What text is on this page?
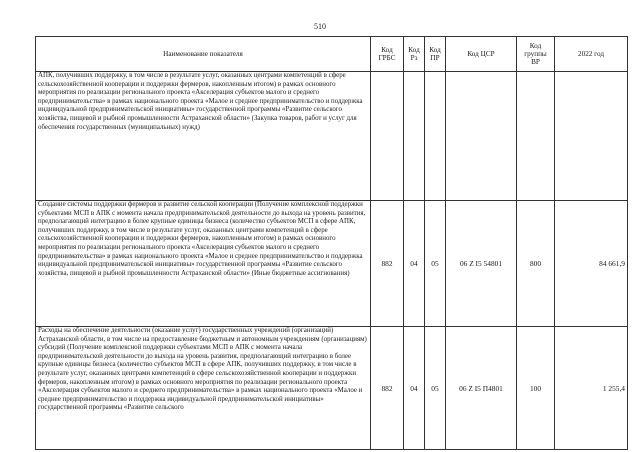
510
Наименование показателя	Код ГРБС	Код Рз	Код ПР	Код ЦСР	Код группы ВР	2022 год
АПК, получивших поддержку, в том числе в результате услуг, оказанных центрами компетенций в сфере сельскохозяйственной кооперации и поддержки фермеров, накопленным итогом) в рамках основного мероприятия по реализации регионального проекта «Акселерация субъектов малого и среднего предпринимательства» в рамках национального проекта «Малое и среднее предпринимательство и поддержка индивидуальной предпринимательской инициативы» государственной программы «Развитие сельского хозяйства, пищевой и рыбной промышленности Астраханской области» (Закупка товаров, работ и услуг для обеспечения государственных (муниципальных) нужд)						
Создание системы поддержки фермеров и развитие сельской кооперации (Получение комплексной поддержки субъектами МСП в АПК с момента начала предпринимательской деятельности до выхода на уровень развития, предполагающий интеграцию в более крупные единицы бизнеса (количество субъектов МСП в сфере АПК, получивших поддержку, в том числе в результате услуг, оказанных центрами компетенций в сфере сельскохозяйственной кооперации и поддержки фермеров, накопленным итогом) в рамках основного мероприятия по реализации регионального проекта «Акселерация субъектов малого и среднего предпринимательства» в рамках национального проекта «Малое и среднее предпринимательство и поддержка индивидуальной предпринимательской инициативы» государственной программы «Развитие сельского хозяйства, пищевой и рыбной промышленности Астраханской области» (Иные бюджетные ассигнования)	882	04	05	06 Z I5 54801	800	84 661,9
Расходы на обеспечение деятельности (оказание услуг) государственных учреждений (организаций) Астраханской области, в том числе на предоставление бюджетным и автономным учреждениям (организациям) субсидий (Получение комплексной поддержки субъектами МСП в АПК с момента начала предпринимательской деятельности до выхода на уровень развития, предполагающий интеграцию в более крупные единицы бизнеса (количество субъектов МСП в сфере АПК, получивших поддержку, в том числе в результате услуг, оказанных центрами компетенций в сфере сельскохозяйственной кооперации и поддержки фермеров, накопленным итогом) в рамках основного мероприятия по реализации регионального проекта «Акселерация субъектов малого и среднего предпринимательства» в рамках национального проекта «Малое и среднее предпринимательство и поддержка индивидуальной предпринимательской инициативы» государственной программы «Развитие сельского	882	04	05	06 Z I5 П4801	100	1 255,4
